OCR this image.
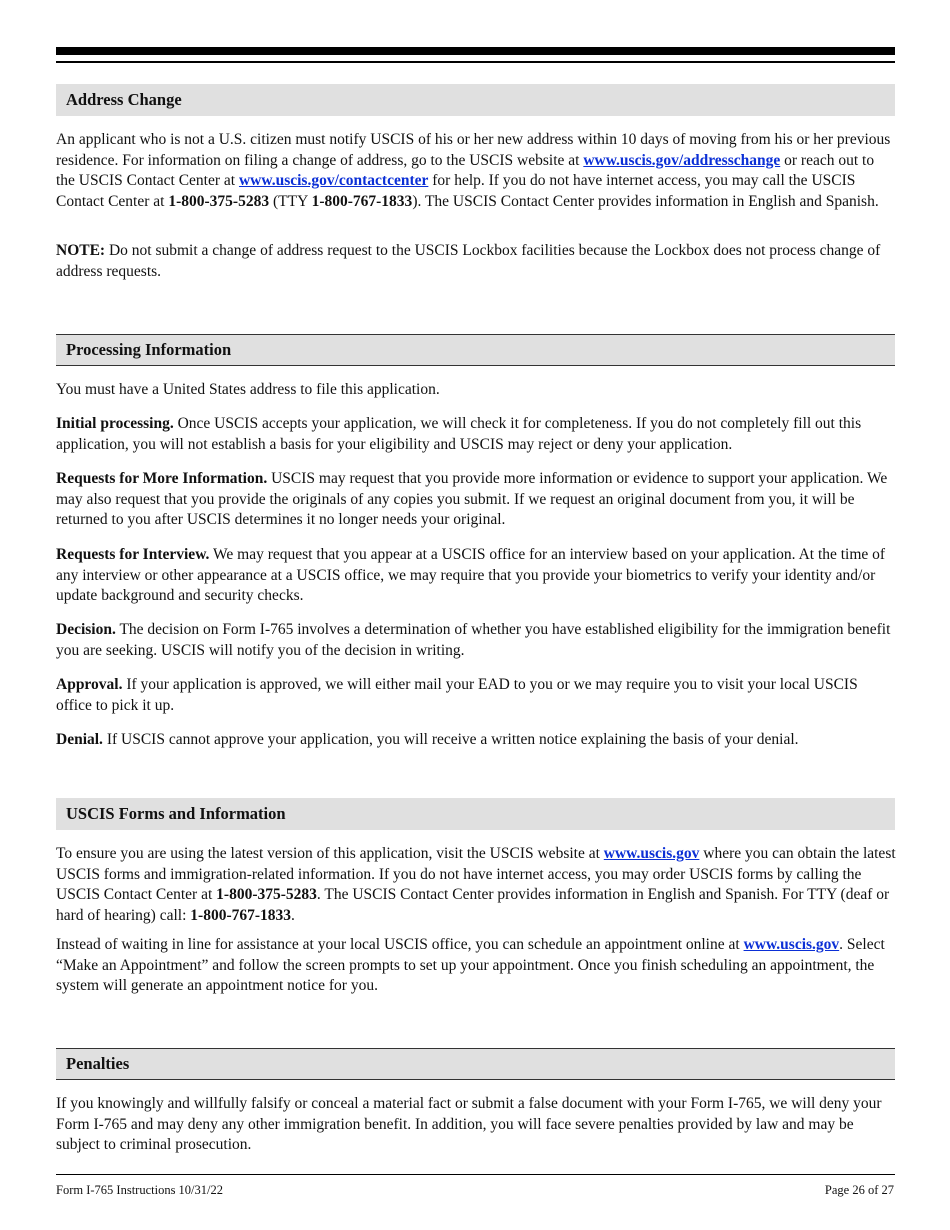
Address Change

An applicant who is not a U.S. citizen must notify USCIS of his or her new address within 10 days of moving from his or her previous residence. For information on filing a change of address, go to the USCIS website at www.uscis.gov/addresschange or reach out to the USCIS Contact Center at www.uscis.gov/contactcenter for help. If you do not have internet access, you may call the USCIS Contact Center at 1-800-375-5283 (TTY 1-800-767-1833). The USCIS Contact Center provides information in English and Spanish.

NOTE: Do not submit a change of address request to the USCIS Lockbox facilities because the Lockbox does not process change of address requests.

Processing Information

You must have a United States address to file this application.

Initial processing. Once USCIS accepts your application, we will check it for completeness. If you do not completely fill out this application, you will not establish a basis for your eligibility and USCIS may reject or deny your application.

Requests for More Information. USCIS may request that you provide more information or evidence to support your application. We may also request that you provide the originals of any copies you submit. If we request an original document from you, it will be returned to you after USCIS determines it no longer needs your original.

Requests for Interview. We may request that you appear at a USCIS office for an interview based on your application. At the time of any interview or other appearance at a USCIS office, we may require that you provide your biometrics to verify your identity and/or update background and security checks.

Decision. The decision on Form I-765 involves a determination of whether you have established eligibility for the immigration benefit you are seeking. USCIS will notify you of the decision in writing.

Approval. If your application is approved, we will either mail your EAD to you or we may require you to visit your local USCIS office to pick it up.

Denial. If USCIS cannot approve your application, you will receive a written notice explaining the basis of your denial.

USCIS Forms and Information

To ensure you are using the latest version of this application, visit the USCIS website at www.uscis.gov where you can obtain the latest USCIS forms and immigration-related information. If you do not have internet access, you may order USCIS forms by calling the USCIS Contact Center at 1-800-375-5283. The USCIS Contact Center provides information in English and Spanish. For TTY (deaf or hard of hearing) call: 1-800-767-1833.

Instead of waiting in line for assistance at your local USCIS office, you can schedule an appointment online at www.uscis.gov. Select “Make an Appointment” and follow the screen prompts to set up your appointment. Once you finish scheduling an appointment, the system will generate an appointment notice for you.

Penalties

If you knowingly and willfully falsify or conceal a material fact or submit a false document with your Form I-765, we will deny your Form I-765 and may deny any other immigration benefit. In addition, you will face severe penalties provided by law and may be subject to criminal prosecution.

Form I-765 Instructions 10/31/22	Page 26 of 27
